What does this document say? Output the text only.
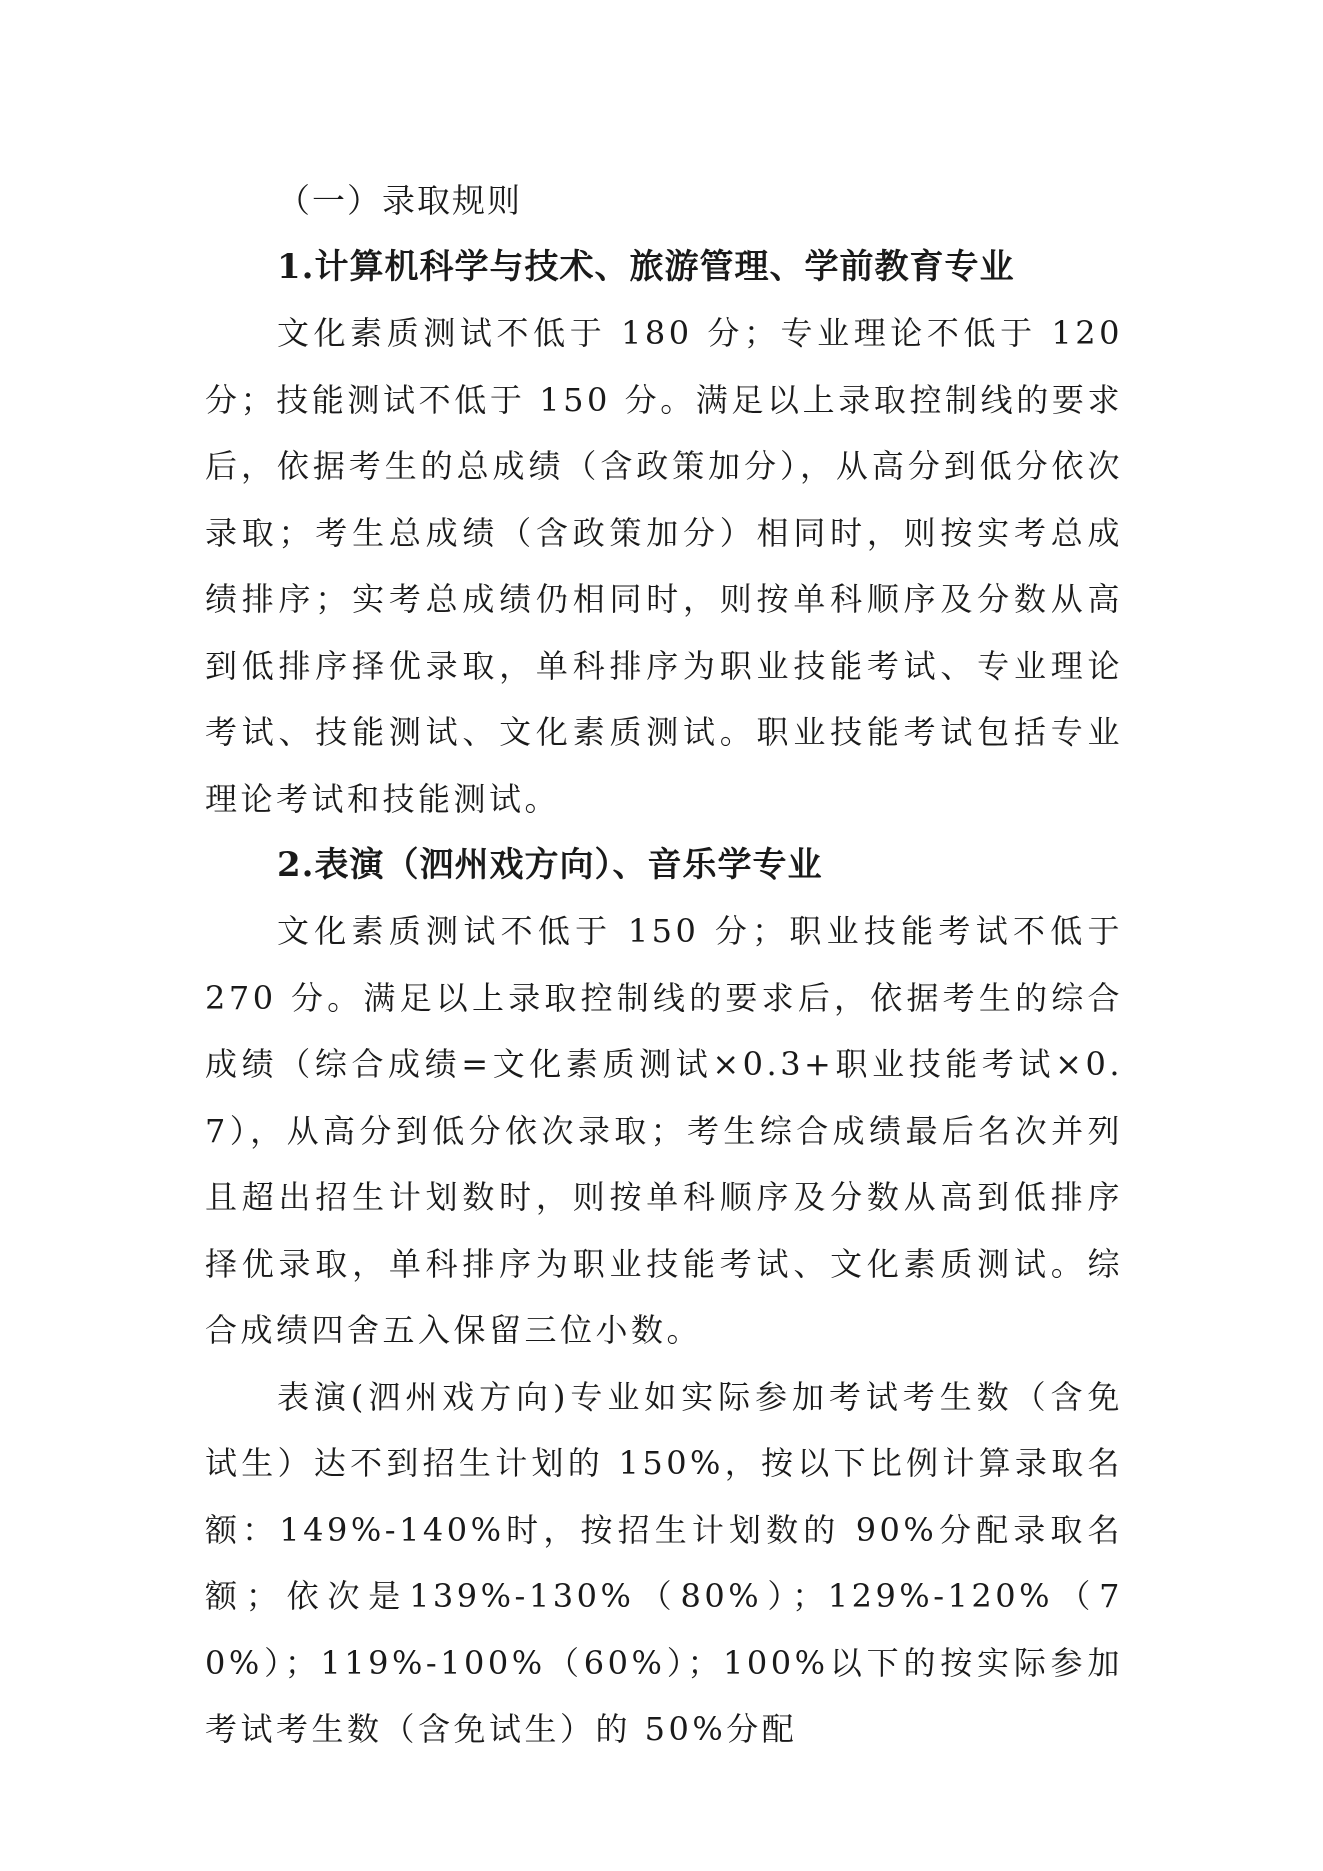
（一）录取规则

1.计算机科学与技术、旅游管理、学前教育专业

文化素质测试不低于 180 分；专业理论不低于 120 分；技能测试不低于 150 分。满足以上录取控制线的要求后，依据考生的总成绩（含政策加分），从高分到低分依次录取；考生总成绩（含政策加分）相同时，则按实考总成绩排序；实考总成绩仍相同时，则按单科顺序及分数从高到低排序择优录取，单科排序为职业技能考试、专业理论考试、技能测试、文化素质测试。职业技能考试包括专业理论考试和技能测试。

2.表演（泗州戏方向）、音乐学专业

文化素质测试不低于 150 分；职业技能考试不低于 270 分。满足以上录取控制线的要求后，依据考生的综合成绩（综合成绩=文化素质测试×0.3+职业技能考试×0.7），从高分到低分依次录取；考生综合成绩最后名次并列且超出招生计划数时，则按单科顺序及分数从高到低排序择优录取，单科排序为职业技能考试、文化素质测试。综合成绩四舍五入保留三位小数。

表演(泗州戏方向)专业如实际参加考试考生数（含免试生）达不到招生计划的 150%，按以下比例计算录取名额：149%-140%时，按招生计划数的 90%分配录取名额；依次是139%-130%（80%）；129%-120%（70%）；119%-100%（60%）；100%以下的按实际参加考试考生数（含免试生）的 50%分配
